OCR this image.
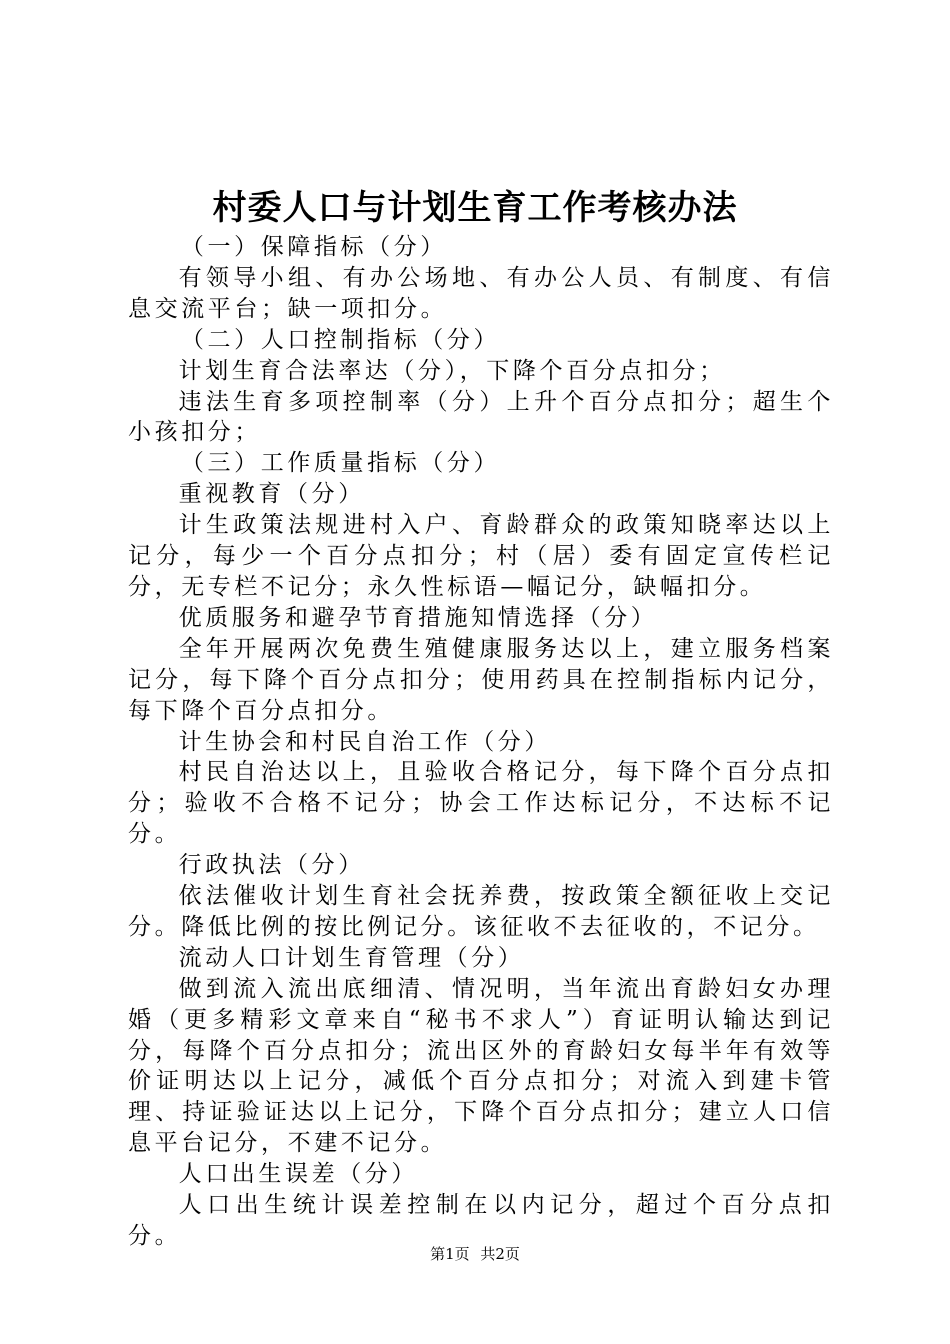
村委人口与计划生育工作考核办法

（一）保障指标（分）

有领导小组、有办公场地、有办公人员、有制度、有信息交流平台；缺一项扣分。

（二）人口控制指标（分）

计划生育合法率达（分），下降个百分点扣分；

违法生育多项控制率（分）上升个百分点扣分；超生个小孩扣分；

（三）工作质量指标（分）

重视教育（分）

计生政策法规进村入户、育龄群众的政策知晓率达以上记分，每少一个百分点扣分；村（居）委有固定宣传栏记分，无专栏不记分；永久性标语—幅记分，缺幅扣分。

优质服务和避孕节育措施知情选择（分）

全年开展两次免费生殖健康服务达以上，建立服务档案记分，每下降个百分点扣分；使用药具在控制指标内记分，每下降个百分点扣分。

计生协会和村民自治工作（分）

村民自治达以上，且验收合格记分，每下降个百分点扣分；验收不合格不记分；协会工作达标记分，不达标不记分。

行政执法（分）

依法催收计划生育社会抚养费，按政策全额征收上交记分。降低比例的按比例记分。该征收不去征收的，不记分。

流动人口计划生育管理（分）

做到流入流出底细清、情况明，当年流出育龄妇女办理婚（更多精彩文章来自“秘书不求人”）育证明认输达到记分，每降个百分点扣分；流出区外的育龄妇女每半年有效等价证明达以上记分，减低个百分点扣分；对流入到建卡管理、持证验证达以上记分，下降个百分点扣分；建立人口信息平台记分，不建不记分。

人口出生误差（分）

人口出生统计误差控制在以内记分，超过个百分点扣分。

第1页 共2页
